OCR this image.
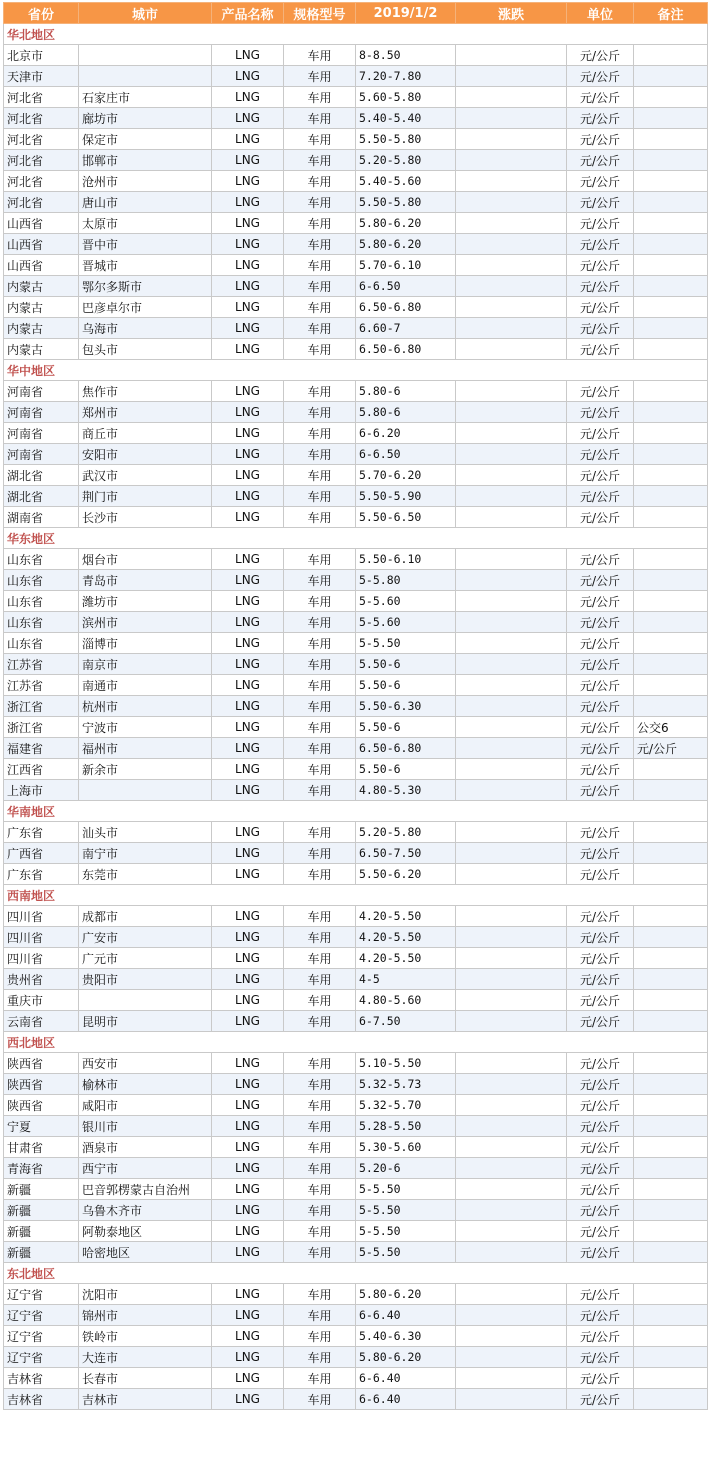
省份	城市	产品名称	规格型号	2019/1/2	涨跌	单位	备注
华北地区							
北京市		LNG	车用	8-8.50		元/公斤	
天津市		LNG	车用	7.20-7.80		元/公斤	
河北省	石家庄市	LNG	车用	5.60-5.80		元/公斤	
河北省	廊坊市	LNG	车用	5.40-5.40		元/公斤	
河北省	保定市	LNG	车用	5.50-5.80		元/公斤	
河北省	邯郸市	LNG	车用	5.20-5.80		元/公斤	
河北省	沧州市	LNG	车用	5.40-5.60		元/公斤	
河北省	唐山市	LNG	车用	5.50-5.80		元/公斤	
山西省	太原市	LNG	车用	5.80-6.20		元/公斤	
山西省	晋中市	LNG	车用	5.80-6.20		元/公斤	
山西省	晋城市	LNG	车用	5.70-6.10		元/公斤	
内蒙古	鄂尔多斯市	LNG	车用	6-6.50		元/公斤	
内蒙古	巴彦卓尔市	LNG	车用	6.50-6.80		元/公斤	
内蒙古	乌海市	LNG	车用	6.60-7		元/公斤	
内蒙古	包头市	LNG	车用	6.50-6.80		元/公斤	
华中地区							
河南省	焦作市	LNG	车用	5.80-6		元/公斤	
河南省	郑州市	LNG	车用	5.80-6		元/公斤	
河南省	商丘市	LNG	车用	6-6.20		元/公斤	
河南省	安阳市	LNG	车用	6-6.50		元/公斤	
湖北省	武汉市	LNG	车用	5.70-6.20		元/公斤	
湖北省	荆门市	LNG	车用	5.50-5.90		元/公斤	
湖南省	长沙市	LNG	车用	5.50-6.50		元/公斤	
华东地区							
山东省	烟台市	LNG	车用	5.50-6.10		元/公斤	
山东省	青岛市	LNG	车用	5-5.80		元/公斤	
山东省	潍坊市	LNG	车用	5-5.60		元/公斤	
山东省	滨州市	LNG	车用	5-5.60		元/公斤	
山东省	淄博市	LNG	车用	5-5.50		元/公斤	
江苏省	南京市	LNG	车用	5.50-6		元/公斤	
江苏省	南通市	LNG	车用	5.50-6		元/公斤	
浙江省	杭州市	LNG	车用	5.50-6.30		元/公斤	
浙江省	宁波市	LNG	车用	5.50-6		元/公斤	公交6
福建省	福州市	LNG	车用	6.50-6.80		元/公斤	元/公斤
江西省	新余市	LNG	车用	5.50-6		元/公斤	
上海市		LNG	车用	4.80-5.30		元/公斤	
华南地区							
广东省	汕头市	LNG	车用	5.20-5.80		元/公斤	
广西省	南宁市	LNG	车用	6.50-7.50		元/公斤	
广东省	东莞市	LNG	车用	5.50-6.20		元/公斤	
西南地区							
四川省	成都市	LNG	车用	4.20-5.50		元/公斤	
四川省	广安市	LNG	车用	4.20-5.50		元/公斤	
四川省	广元市	LNG	车用	4.20-5.50		元/公斤	
贵州省	贵阳市	LNG	车用	4-5		元/公斤	
重庆市		LNG	车用	4.80-5.60		元/公斤	
云南省	昆明市	LNG	车用	6-7.50		元/公斤	
西北地区							
陕西省	西安市	LNG	车用	5.10-5.50		元/公斤	
陕西省	榆林市	LNG	车用	5.32-5.73		元/公斤	
陕西省	咸阳市	LNG	车用	5.32-5.70		元/公斤	
宁夏	银川市	LNG	车用	5.28-5.50		元/公斤	
甘肃省	酒泉市	LNG	车用	5.30-5.60		元/公斤	
青海省	西宁市	LNG	车用	5.20-6		元/公斤	
新疆	巴音郭楞蒙古自治州	LNG	车用	5-5.50		元/公斤	
新疆	乌鲁木齐市	LNG	车用	5-5.50		元/公斤	
新疆	阿勒泰地区	LNG	车用	5-5.50		元/公斤	
新疆	哈密地区	LNG	车用	5-5.50		元/公斤	
东北地区							
辽宁省	沈阳市	LNG	车用	5.80-6.20		元/公斤	
辽宁省	锦州市	LNG	车用	6-6.40		元/公斤	
辽宁省	铁岭市	LNG	车用	5.40-6.30		元/公斤	
辽宁省	大连市	LNG	车用	5.80-6.20		元/公斤	
吉林省	长春市	LNG	车用	6-6.40		元/公斤	
吉林省	吉林市	LNG	车用	6-6.40		元/公斤	
